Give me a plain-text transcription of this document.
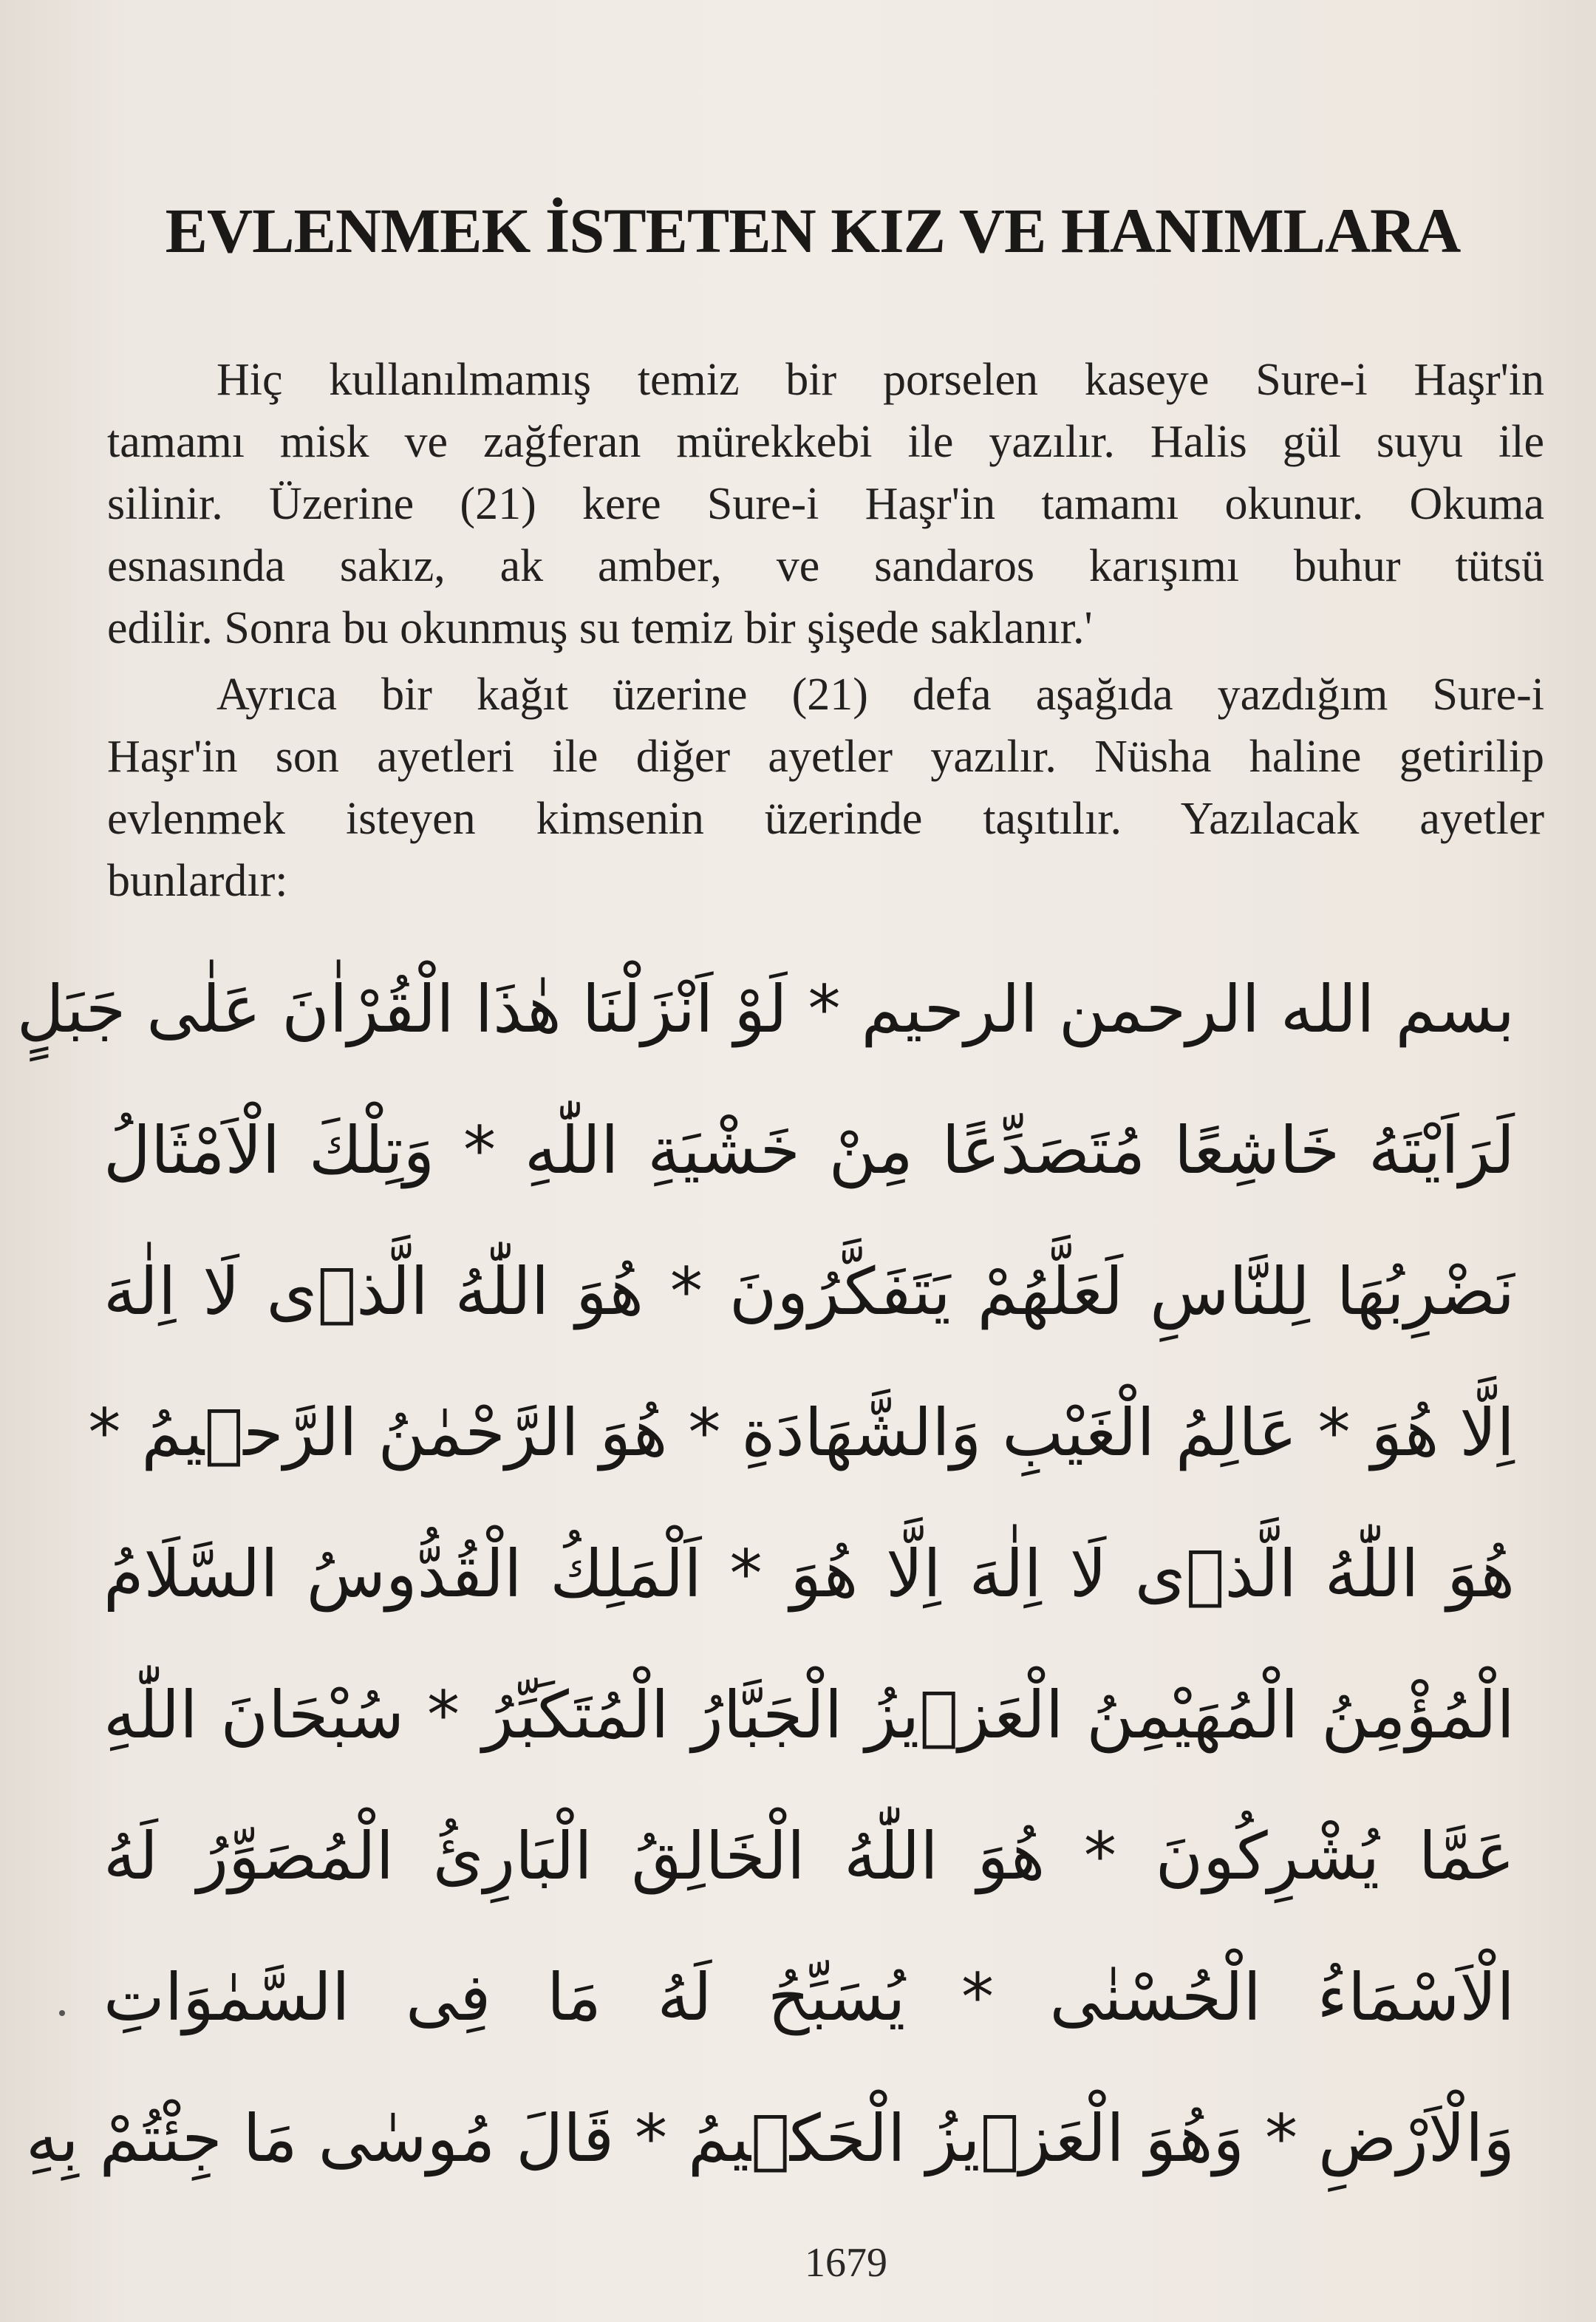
EVLENMEK İSTETEN KIZ VE HANIMLARA
Hiç kullanılmamış temiz bir porselen kaseye Sure-i Haşr'in
tamamı misk ve zağferan mürekkebi ile yazılır. Halis gül suyu ile
silinir. Üzerine (21) kere Sure-i Haşr'in tamamı okunur. Okuma
esnasında sakız, ak amber, ve sandaros karışımı buhur tütsü
edilir. Sonra bu okunmuş su temiz bir şişede saklanır.'
Ayrıca bir kağıt üzerine (21) defa aşağıda yazdığım Sure-i
Haşr'in son ayetleri ile diğer ayetler yazılır. Nüsha haline getirilip
evlenmek isteyen kimsenin üzerinde taşıtılır. Yazılacak ayetler
bunlardır:
بسم الله الرحمن الرحيم * لَوْ اَنْزَلْنَا هٰذَا الْقُرْاٰنَ عَلٰى جَبَلٍ
لَرَاَيْتَهُ خَاشِعًا مُتَصَدِّعًا مِنْ خَشْيَةِ اللّٰهِ * وَتِلْكَ الْاَمْثَالُ
نَضْرِبُهَا لِلنَّاسِ لَعَلَّهُمْ يَتَفَكَّرُونَ * هُوَ اللّٰهُ الَّذٖى لَا اِلٰهَ
اِلَّا هُوَ * عَالِمُ الْغَيْبِ وَالشَّهَادَةِ * هُوَ الرَّحْمٰنُ الرَّحٖيمُ *
هُوَ اللّٰهُ الَّذٖى لَا اِلٰهَ اِلَّا هُوَ * اَلْمَلِكُ الْقُدُّوسُ السَّلَامُ
الْمُؤْمِنُ الْمُهَيْمِنُ الْعَزٖيزُ الْجَبَّارُ الْمُتَكَبِّرُ * سُبْحَانَ اللّٰهِ
عَمَّا يُشْرِكُونَ * هُوَ اللّٰهُ الْخَالِقُ الْبَارِئُ الْمُصَوِّرُ لَهُ
الْاَسْمَاءُ الْحُسْنٰى * يُسَبِّحُ لَهُ مَا فِى السَّمٰوَاتِ
وَالْاَرْضِ * وَهُوَ الْعَزٖيزُ الْحَكٖيمُ * قَالَ مُوسٰى مَا جِئْتُمْ بِهِ
1679
